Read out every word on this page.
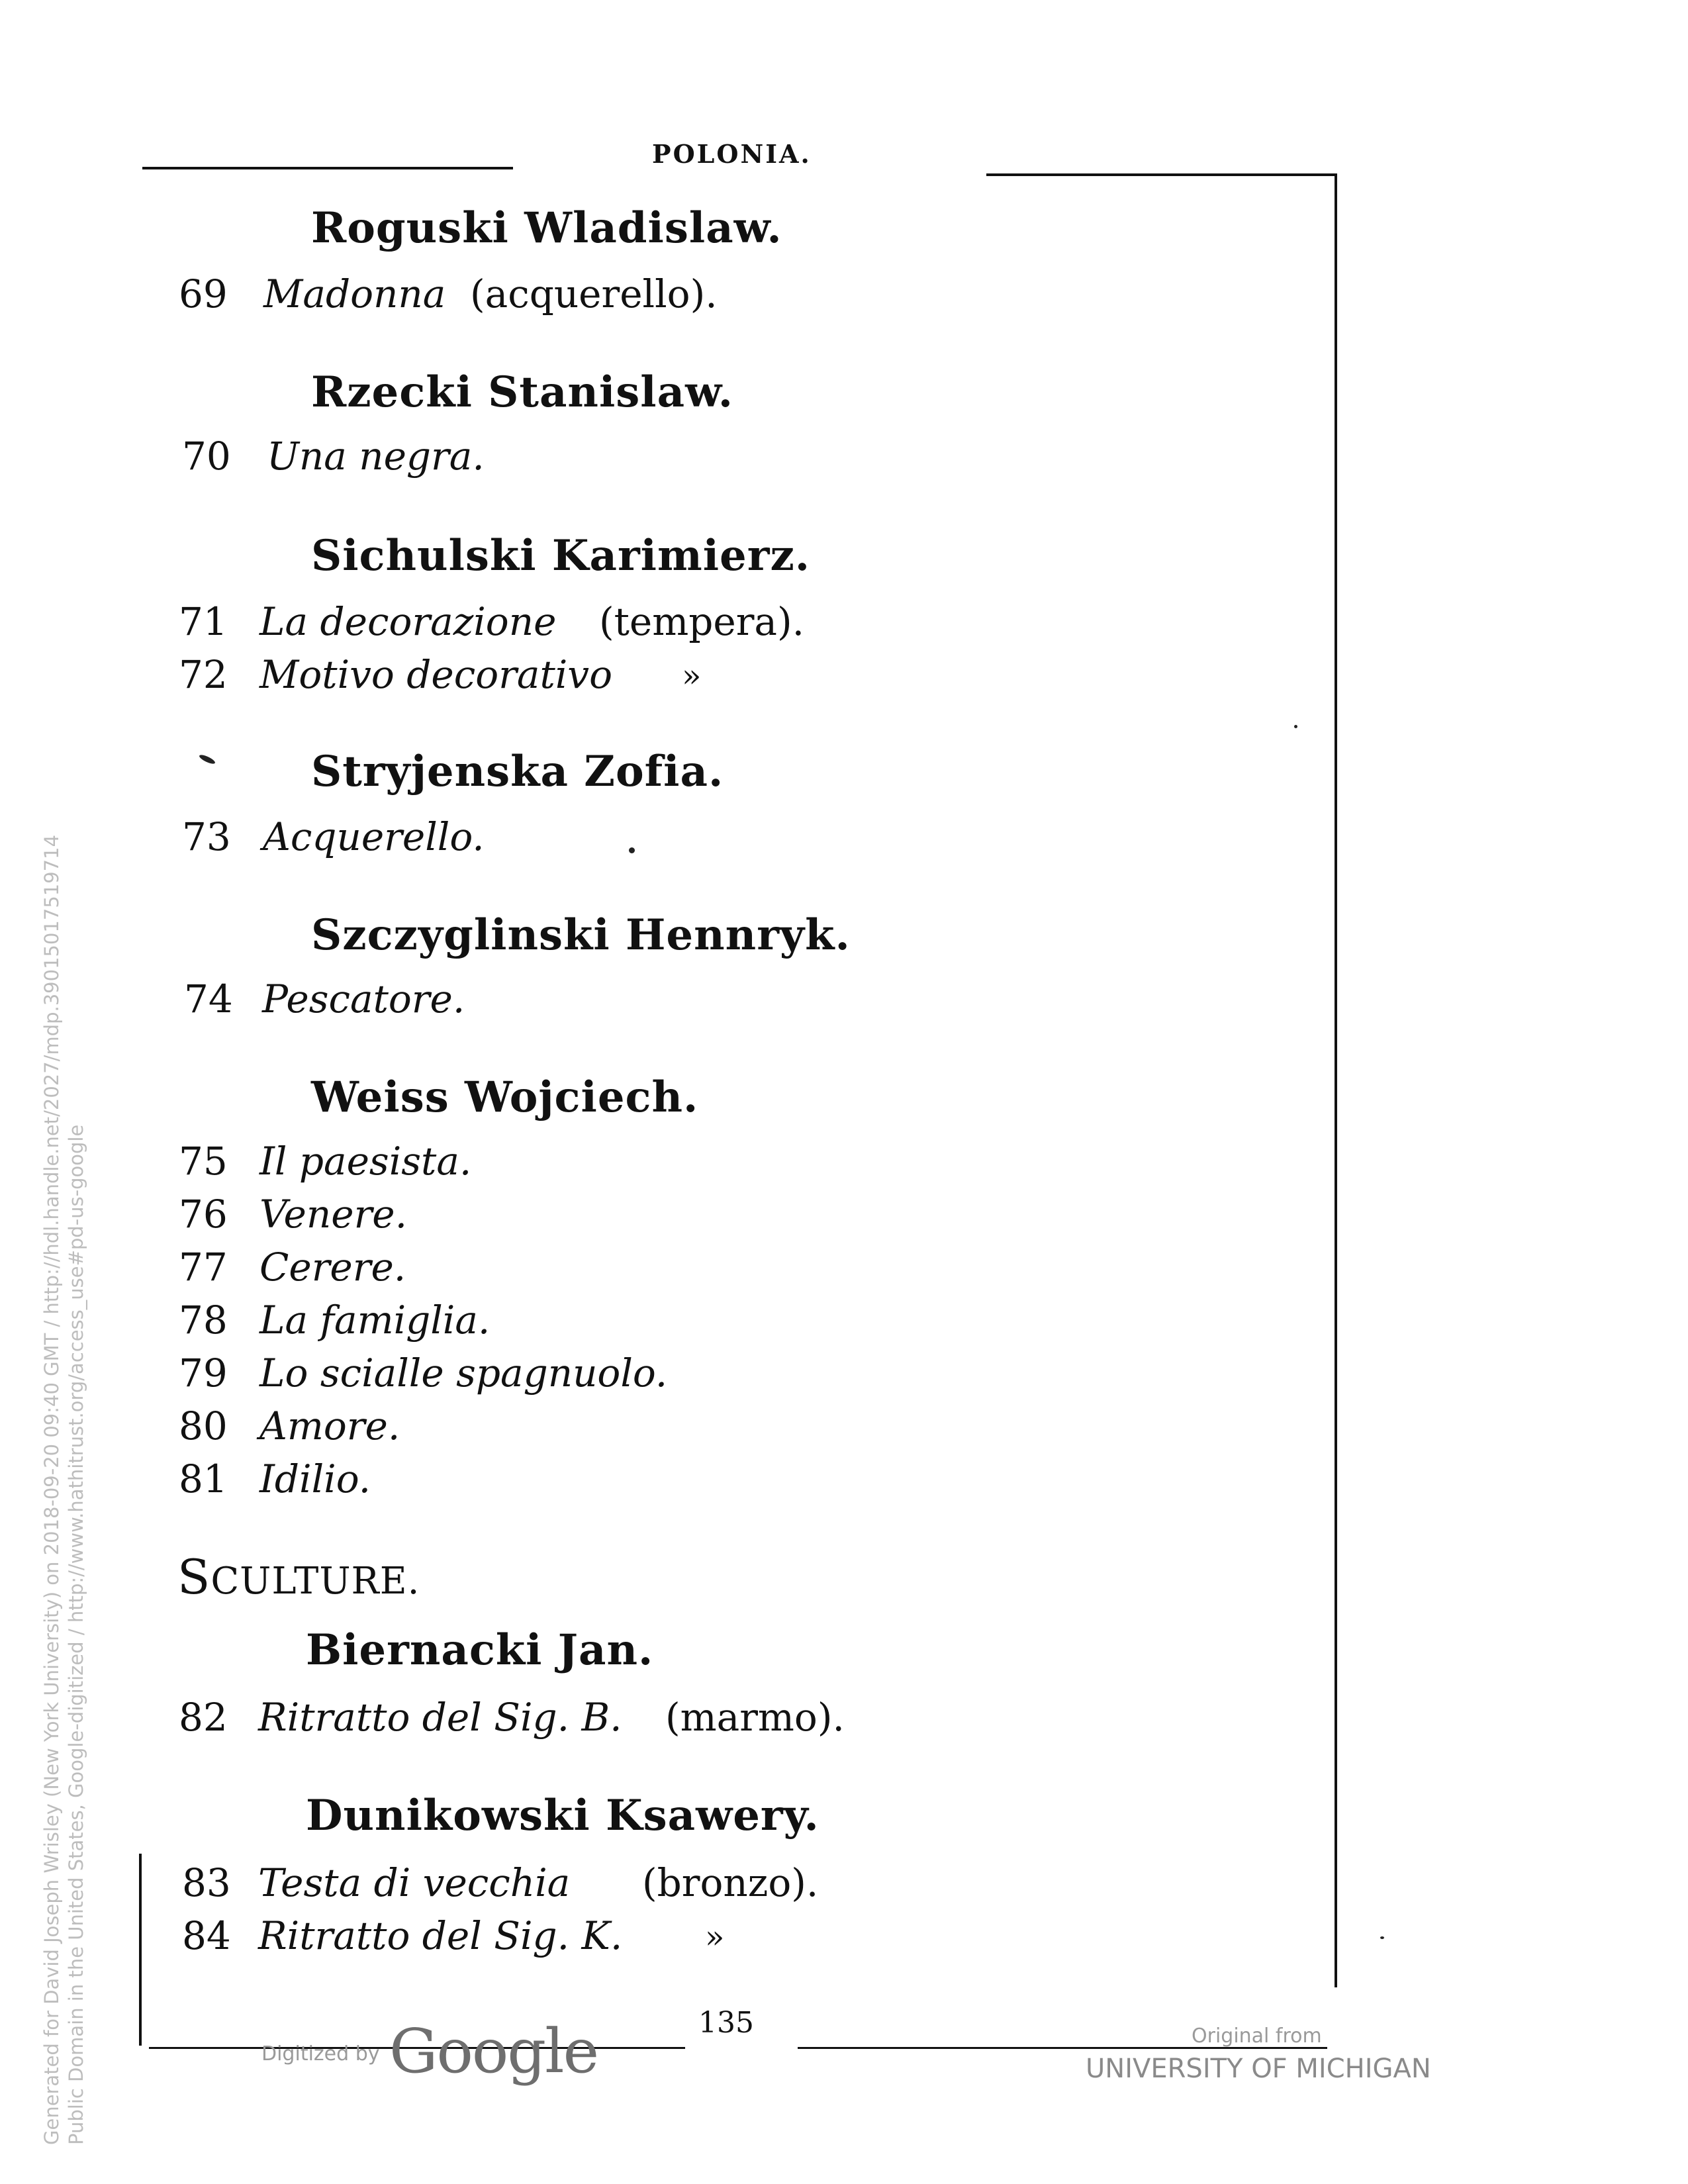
POLONIA.
Roguski Wladislaw.
69 Madonna (acquerello).
Rzecki Stanislaw.
70 Una negra.
Sichulski Karimierz.
71 La decorazione (tempera).
72 Motivo decorativo »
Stryjenska Zofia.
73 Acquerello.
Szczyglinski Hennryk.
74 Pescatore.
Weiss Wojciech.
75 Il paesista.
76 Venere.
77 Cerere.
78 La famiglia.
79 Lo scialle spagnuolo.
80 Amore.
81 Idilio.
SCULTURE.
Biernacki Jan.
82 Ritratto del Sig. B. (marmo).
Dunikowski Ksawery.
83 Testa di vecchia (bronzo).
84 Ritratto del Sig. K.	»
135
Digitized by Google	Original from
UNIVERSITY OF MICHIGAN
Generated for David Joseph Wrisley (New York University) on 2018-09-20 09:40 GMT / http://hdl.handle.net/2027/mdp.39015017519714 Public Domain in the United States, Google-digitized / http://www.hathitrust.org/access_use#pd-us-google
